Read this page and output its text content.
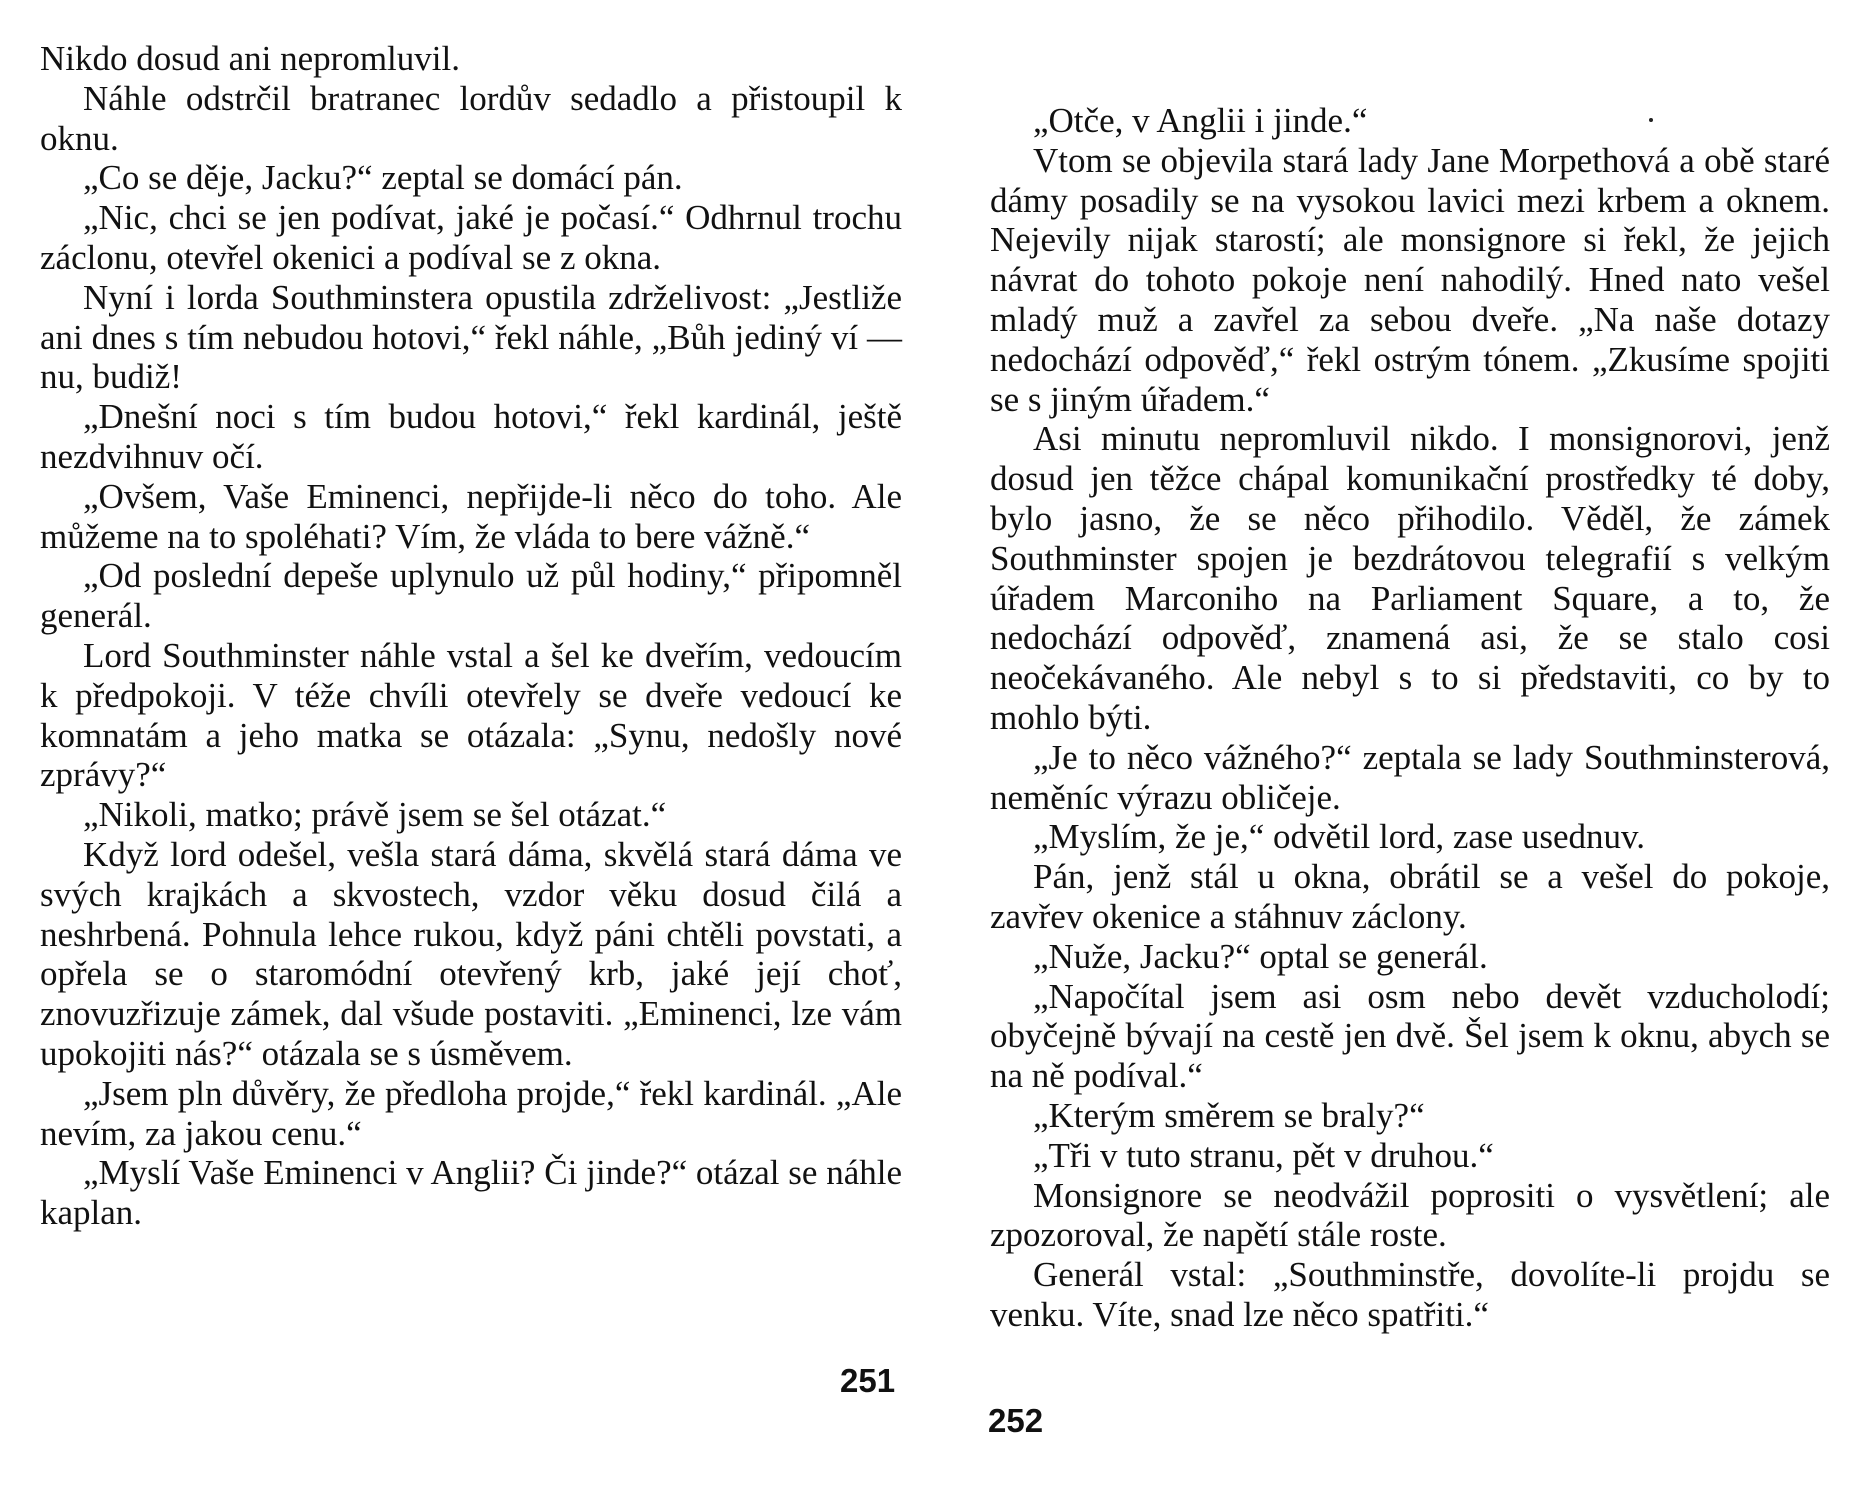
Nikdo dosud ani nepromluvil.

Náhle odstrčil bratranec lordův sedadlo a přistoupil k oknu.

„Co se děje, Jacku?“ zeptal se domácí pán.

„Nic, chci se jen podívat, jaké je počasí.“ Odhrnul trochu záclonu, otevřel okenici a podíval se z okna.

Nyní i lorda Southminstera opustila zdrželivost: „Jestliže ani dnes s tím nebudou hotovi,“ řekl náhle, „Bůh jediný ví — nu, budiž!

„Dnešní noci s tím budou hotovi,“ řekl kardinál, ještě nezdvihnuv očí.

„Ovšem, Vaše Eminenci, nepřijde-li něco do toho. Ale můžeme na to spoléhati? Vím, že vláda to bere vážně.“

„Od poslední depeše uplynulo už půl hodiny,“ připomněl generál.

Lord Southminster náhle vstal a šel ke dveřím, vedoucím k předpokoji. V téže chvíli otevřely se dveře vedoucí ke komnatám a jeho matka se otázala: „Synu, nedošly nové zprávy?“

„Nikoli, matko; právě jsem se šel otázat.“

Když lord odešel, vešla stará dáma, skvělá stará dáma ve svých krajkách a skvostech, vzdor věku dosud čilá a neshrbená. Pohnula lehce rukou, když páni chtěli povstati, a opřela se o staromódní otevřený krb, jaké její choť, znovuzřizuje zámek, dal všude postaviti. „Eminenci, lze vám upokojiti nás?“ otázala se s úsměvem.

„Jsem pln důvěry, že předloha projde,“ řekl kardinál. „Ale nevím, za jakou cenu.“

„Myslí Vaše Eminenci v Anglii? Či jinde?“ otázal se náhle kaplan.

251

„Otče, v Anglii i jinde.“

Vtom se objevila stará lady Jane Morpethová a obě staré dámy posadily se na vysokou lavici mezi krbem a oknem. Nejevily nijak starostí; ale monsignore si řekl, že jejich návrat do tohoto pokoje není nahodilý. Hned nato vešel mladý muž a zavřel za sebou dveře. „Na naše dotazy nedochází odpověď,“ řekl ostrým tónem. „Zkusíme spojiti se s jiným úřadem.“

Asi minutu nepromluvil nikdo. I monsignorovi, jenž dosud jen těžce chápal komunikační prostředky té doby, bylo jasno, že se něco přihodilo. Věděl, že zámek Southminster spojen je bezdrátovou telegrafií s velkým úřadem Marconiho na Parliament Square, a to, že nedochází odpověď, znamená asi, že se stalo cosi neočekávaného. Ale nebyl s to si představiti, co by to mohlo býti.

„Je to něco vážného?“ zeptala se lady Southminsterová, neměníc výrazu obličeje.

„Myslím, že je,“ odvětil lord, zase usednuv.

Pán, jenž stál u okna, obrátil se a vešel do pokoje, zavřev okenice a stáhnuv záclony.

„Nuže, Jacku?“ optal se generál.

„Napočítal jsem asi osm nebo devět vzducholodí; obyčejně bývají na cestě jen dvě. Šel jsem k oknu, abych se na ně podíval.“

„Kterým směrem se braly?“

„Tři v tuto stranu, pět v druhou.“

Monsignore se neodvážil poprositi o vysvětlení; ale zpozoroval, že napětí stále roste.

Generál vstal: „Southminstře, dovolíte-li projdu se venku. Víte, snad lze něco spatřiti.“

252
